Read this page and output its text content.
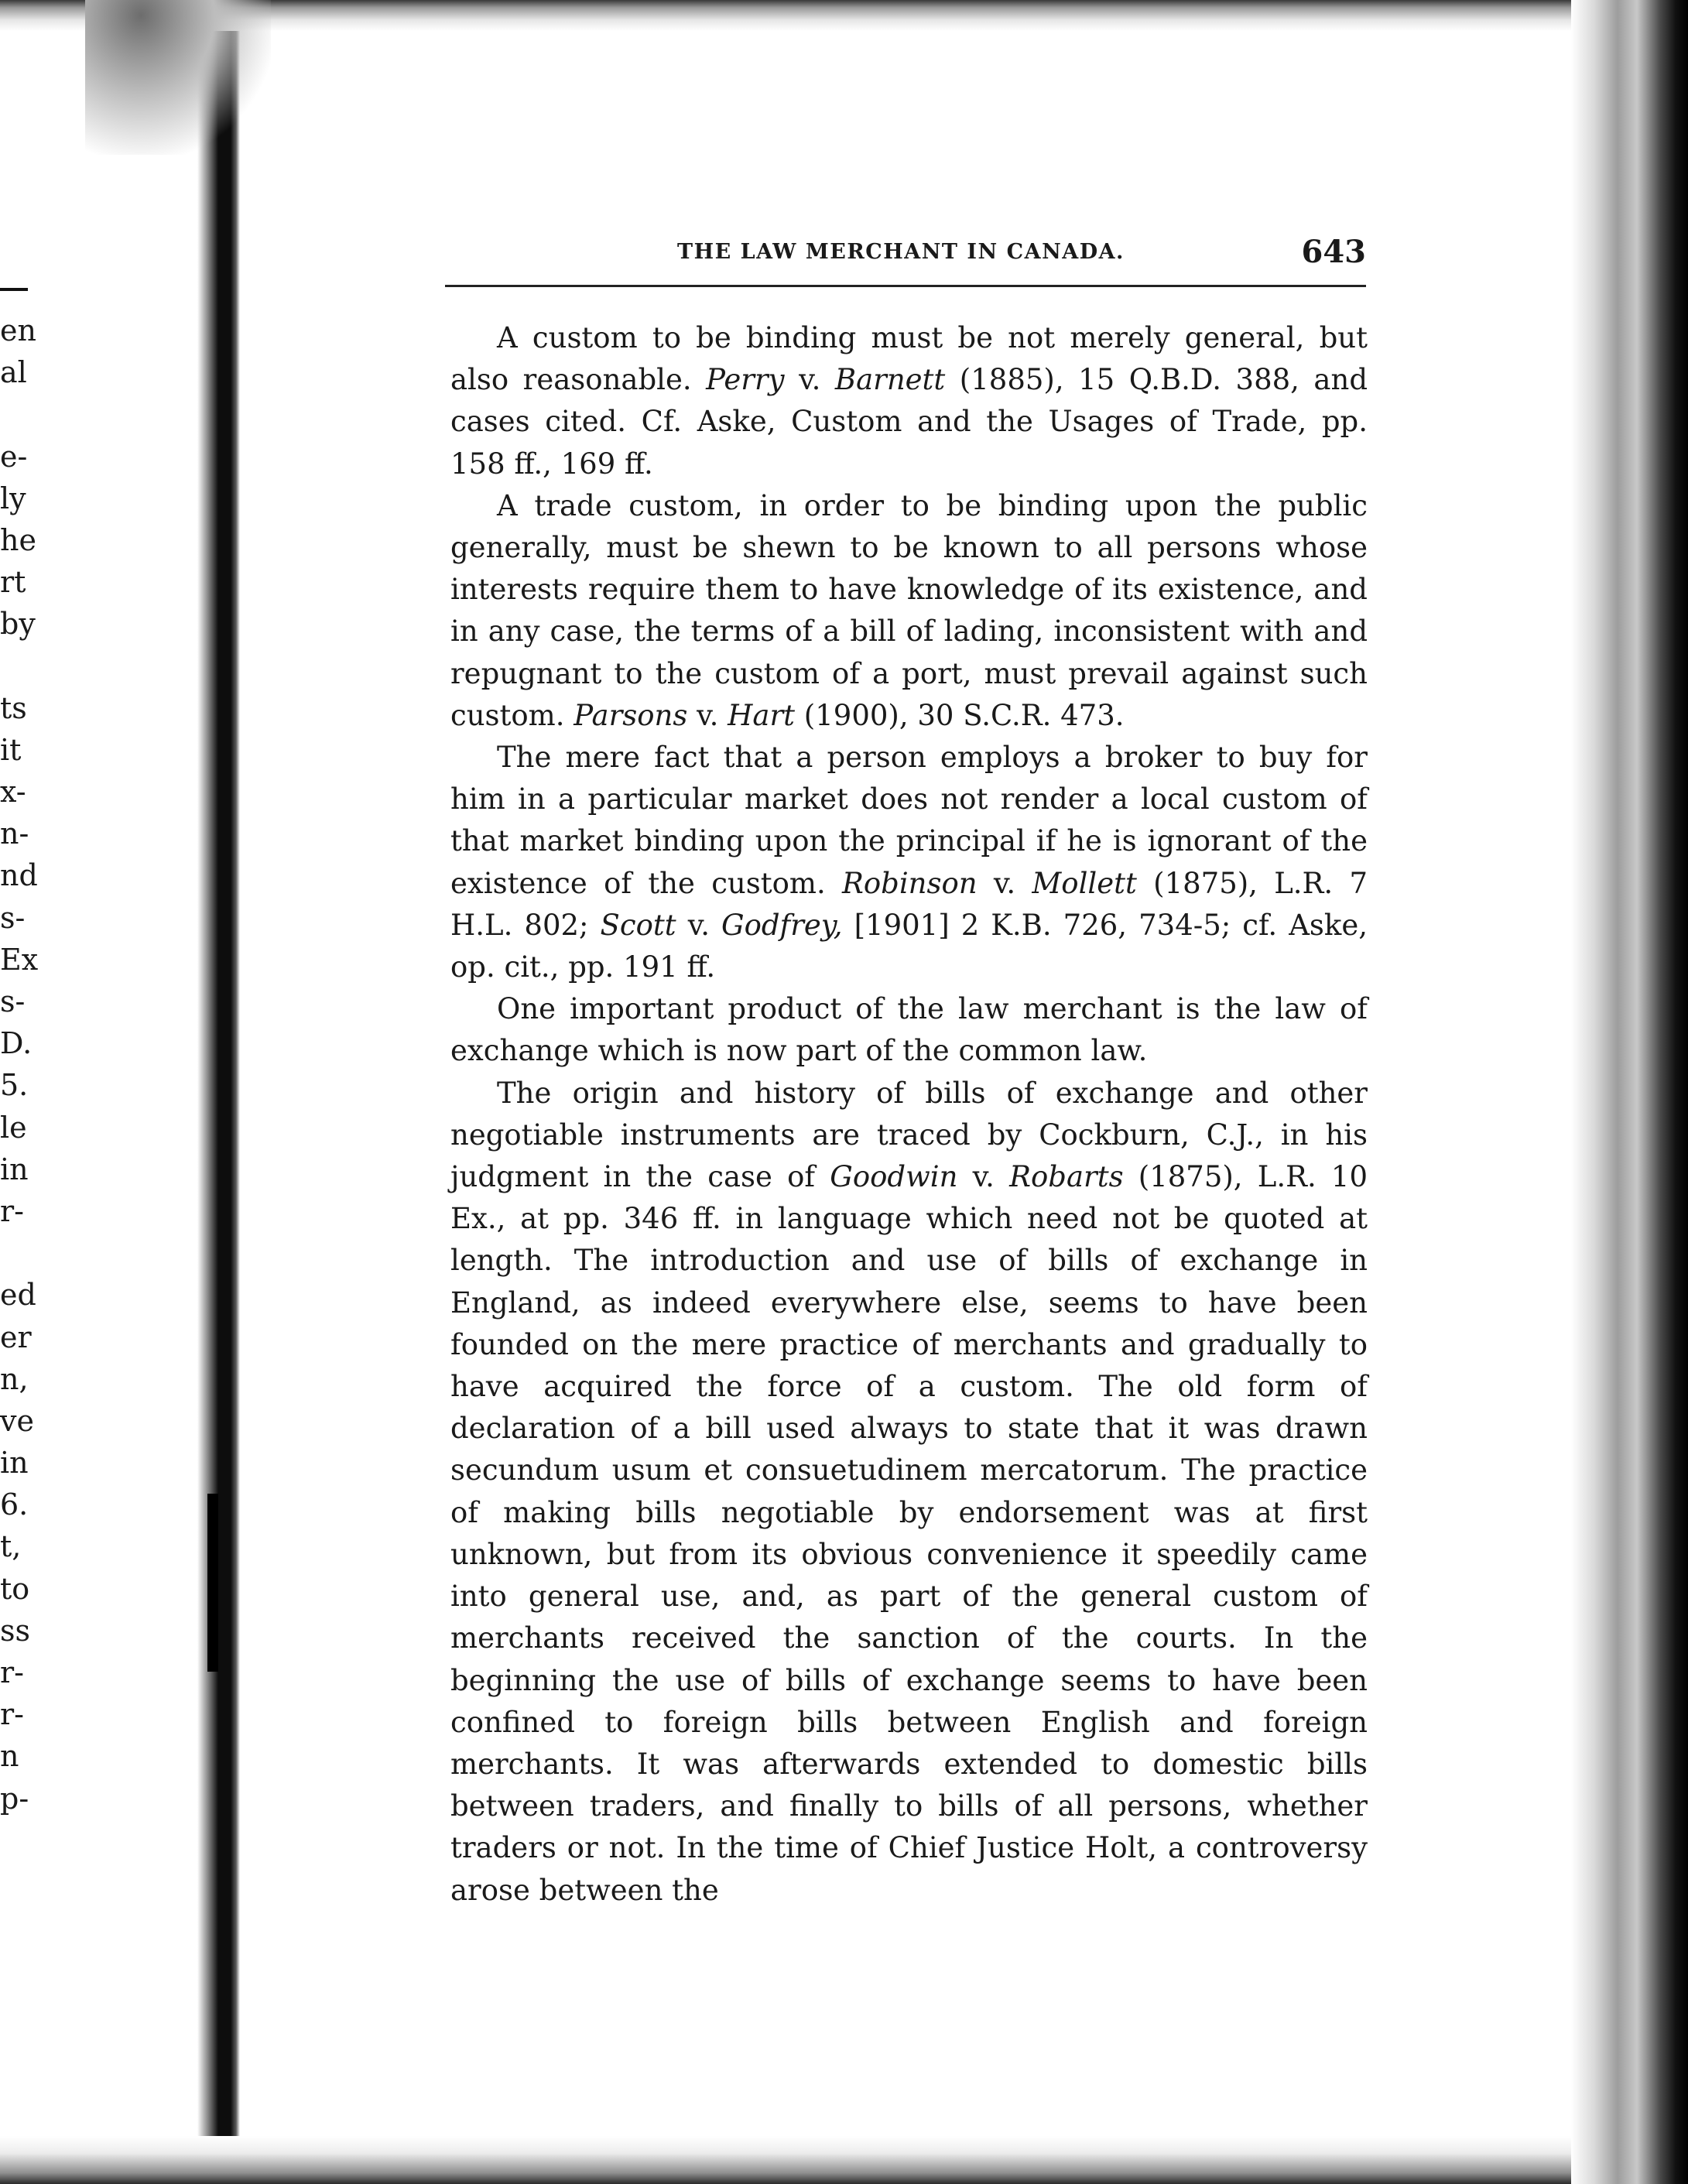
en
al

e-
ly
he
rt
by

ts
it
x-
n-
nd
s-
Ex
s-
D.
5.
le
in
r-

ed
er
n,
ve
in
6.
t,
to
ss
r-
r-
n
p-
THE LAW MERCHANT IN CANADA.	643

A custom to be binding must be not merely general, but also reasonable. Perry v. Barnett (1885), 15 Q.B.D. 388, and cases cited. Cf. Aske, Custom and the Usages of Trade, pp. 158 ff., 169 ff.

A trade custom, in order to be binding upon the public generally, must be shewn to be known to all persons whose interests require them to have knowledge of its existence, and in any case, the terms of a bill of lading, inconsistent with and repugnant to the custom of a port, must prevail against such custom. Parsons v. Hart (1900), 30 S.C.R. 473.

The mere fact that a person employs a broker to buy for him in a particular market does not render a local custom of that market binding upon the principal if he is ignorant of the existence of the custom. Robinson v. Mollett (1875), L.R. 7 H.L. 802; Scott v. Godfrey, [1901] 2 K.B. 726, 734-5; cf. Aske, op. cit., pp. 191 ff.

One important product of the law merchant is the law of exchange which is now part of the common law.

The origin and history of bills of exchange and other negotiable instruments are traced by Cockburn, C.J., in his judgment in the case of Goodwin v. Robarts (1875), L.R. 10 Ex., at pp. 346 ff. in language which need not be quoted at length. The introduction and use of bills of exchange in England, as indeed everywhere else, seems to have been founded on the mere practice of merchants and gradually to have acquired the force of a custom. The old form of declaration of a bill used always to state that it was drawn secundum usum et consuetudinem mercatorum. The practice of making bills negotiable by endorsement was at first unknown, but from its obvious convenience it speedily came into general use, and, as part of the general custom of merchants received the sanction of the courts. In the beginning the use of bills of exchange seems to have been confined to foreign bills between English and foreign merchants. It was afterwards extended to domestic bills between traders, and finally to bills of all persons, whether traders or not. In the time of Chief Justice Holt, a controversy arose between the
